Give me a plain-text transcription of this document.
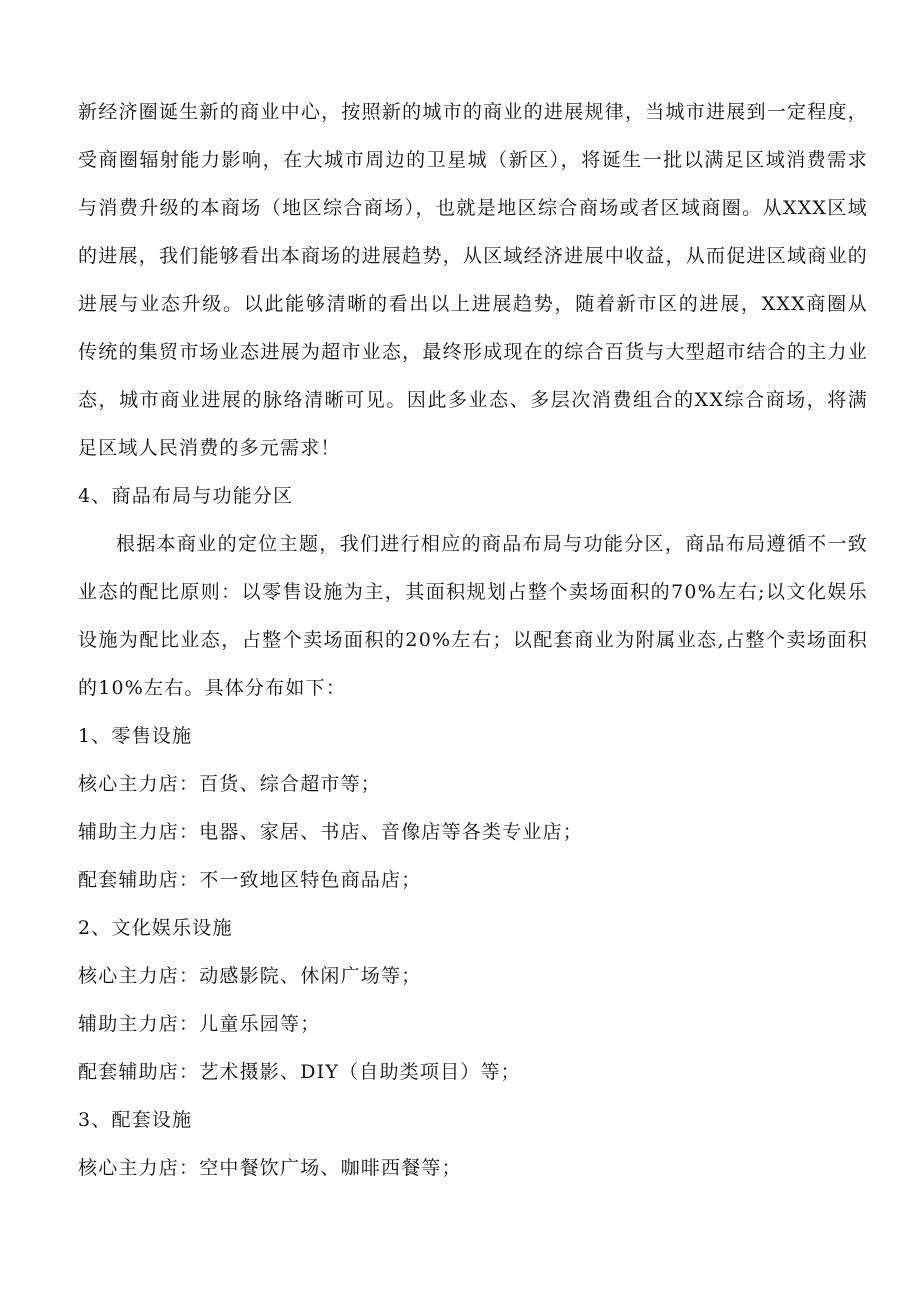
新经济圈诞生新的商业中心，按照新的城市的商业的进展规律，当城市进展到一定程度，受商圈辐射能力影响，在大城市周边的卫星城（新区），将诞生一批以满足区域消费需求与消费升级的本商场（地区综合商场），也就是地区综合商场或者区域商圈。从XXX区域的进展，我们能够看出本商场的进展趋势，从区域经济进展中收益，从而促进区域商业的进展与业态升级。以此能够清晰的看出以上进展趋势，随着新市区的进展，XXX商圈从传统的集贸市场业态进展为超市业态，最终形成现在的综合百货与大型超市结合的主力业态，城市商业进展的脉络清晰可见。因此多业态、多层次消费组合的XX综合商场，将满足区域人民消费的多元需求！

4、商品布局与功能分区

根据本商业的定位主题，我们进行相应的商品布局与功能分区，商品布局遵循不一致业态的配比原则：以零售设施为主，其面积规划占整个卖场面积的70%左右;以文化娱乐设施为配比业态，占整个卖场面积的20%左右；以配套商业为附属业态,占整个卖场面积的10%左右。具体分布如下：

1、零售设施

核心主力店：百货、综合超市等；

辅助主力店：电器、家居、书店、音像店等各类专业店；

配套辅助店：不一致地区特色商品店；

2、文化娱乐设施

核心主力店：动感影院、休闲广场等；

辅助主力店：儿童乐园等；

配套辅助店：艺术摄影、DIY（自助类项目）等；

3、配套设施

核心主力店：空中餐饮广场、咖啡西餐等；
